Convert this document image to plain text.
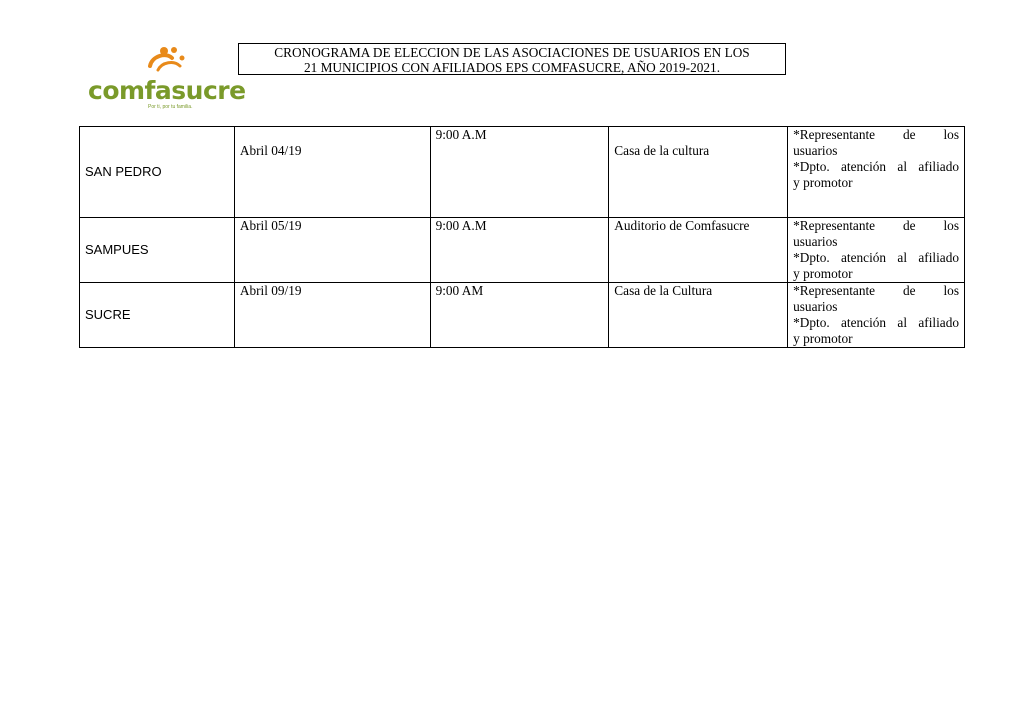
comfasucre
Por ti, por tu familia.
CRONOGRAMA DE ELECCION DE LAS ASOCIACIONES DE USUARIOS EN LOS
21 MUNICIPIOS CON AFILIADOS EPS COMFASUCRE, AÑO 2019-2021.
SAN PEDRO	Abril 04/19	9:00 A.M	Casa de la cultura	*Representante de los
usuarios
*Dpto. atención al afiliado
y promotor

SAMPUES	Abril 05/19	9:00 A.M	Auditorio de Comfasucre	*Representante de los
usuarios
*Dpto. atención al afiliado
y promotor

SUCRE	Abril 09/19	9:00 AM	Casa de la Cultura	*Representante de los
usuarios
*Dpto. atención al afiliado
y promotor
